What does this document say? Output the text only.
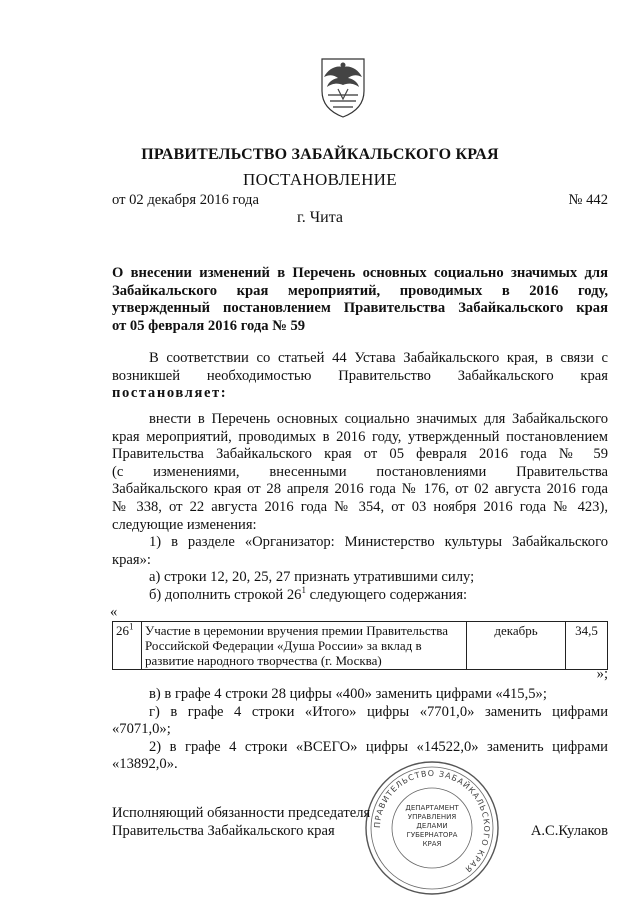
ПРАВИТЕЛЬСТВО ЗАБАЙКАЛЬСКОГО КРАЯ
ПОСТАНОВЛЕНИЕ
от 02 декабря 2016 года	№ 442
г. Чита
О внесении изменений в Перечень основных социально значимых для
Забайкальского края мероприятий, проводимых в 2016 году,
утвержденный постановлением Правительства Забайкальского края
от 05 февраля 2016 года № 59
В соответствии со статьей 44 Устава Забайкальского края, в связи с
возникшей необходимостью Правительство Забайкальского края
постановляет:
внести в Перечень основных социально значимых для Забайкальского
края мероприятий, проводимых в 2016 году, утвержденный постановлением
Правительства Забайкальского края от 05 февраля 2016 года № 59
(с изменениями, внесенными постановлениями Правительства
Забайкальского края от 28 апреля 2016 года № 176, от 02 августа 2016 года
№ 338, от 22 августа 2016 года № 354, от 03 ноября 2016 года № 423),
следующие изменения:
1) в разделе «Организатор: Министерство культуры Забайкальского
края»:
а) строки 12, 20, 25, 27 признать утратившими силу;
б) дополнить строкой $26^1$ следующего содержания:
«
$26^1$	Участие в церемонии вручения премии Правительства
Российской Федерации «Душа России» за вклад в
развитие народного творчества (г. Москва)
	декабрь	34,5
»;
в) в графе 4 строки 28 цифры «400» заменить цифрами «415,5»;
г) в графе 4 строки «Итого» цифры «7701,0» заменить цифрами
«7071,0»;
2) в графе 4 строки «ВСЕГО» цифры «14522,0» заменить цифрами
«13892,0».
ПРАВИТЕЛЬСТВО ЗАБАЙКАЛЬСКОГО КРАЯ
ДЕПАРТАМЕНТ
УПРАВЛЕНИЯ
ДЕЛАМИ
ГУБЕРНАТОРА
КРАЯ
Исполняющий обязанности председателя
Правительства Забайкальского края	А.С.Кулаков
